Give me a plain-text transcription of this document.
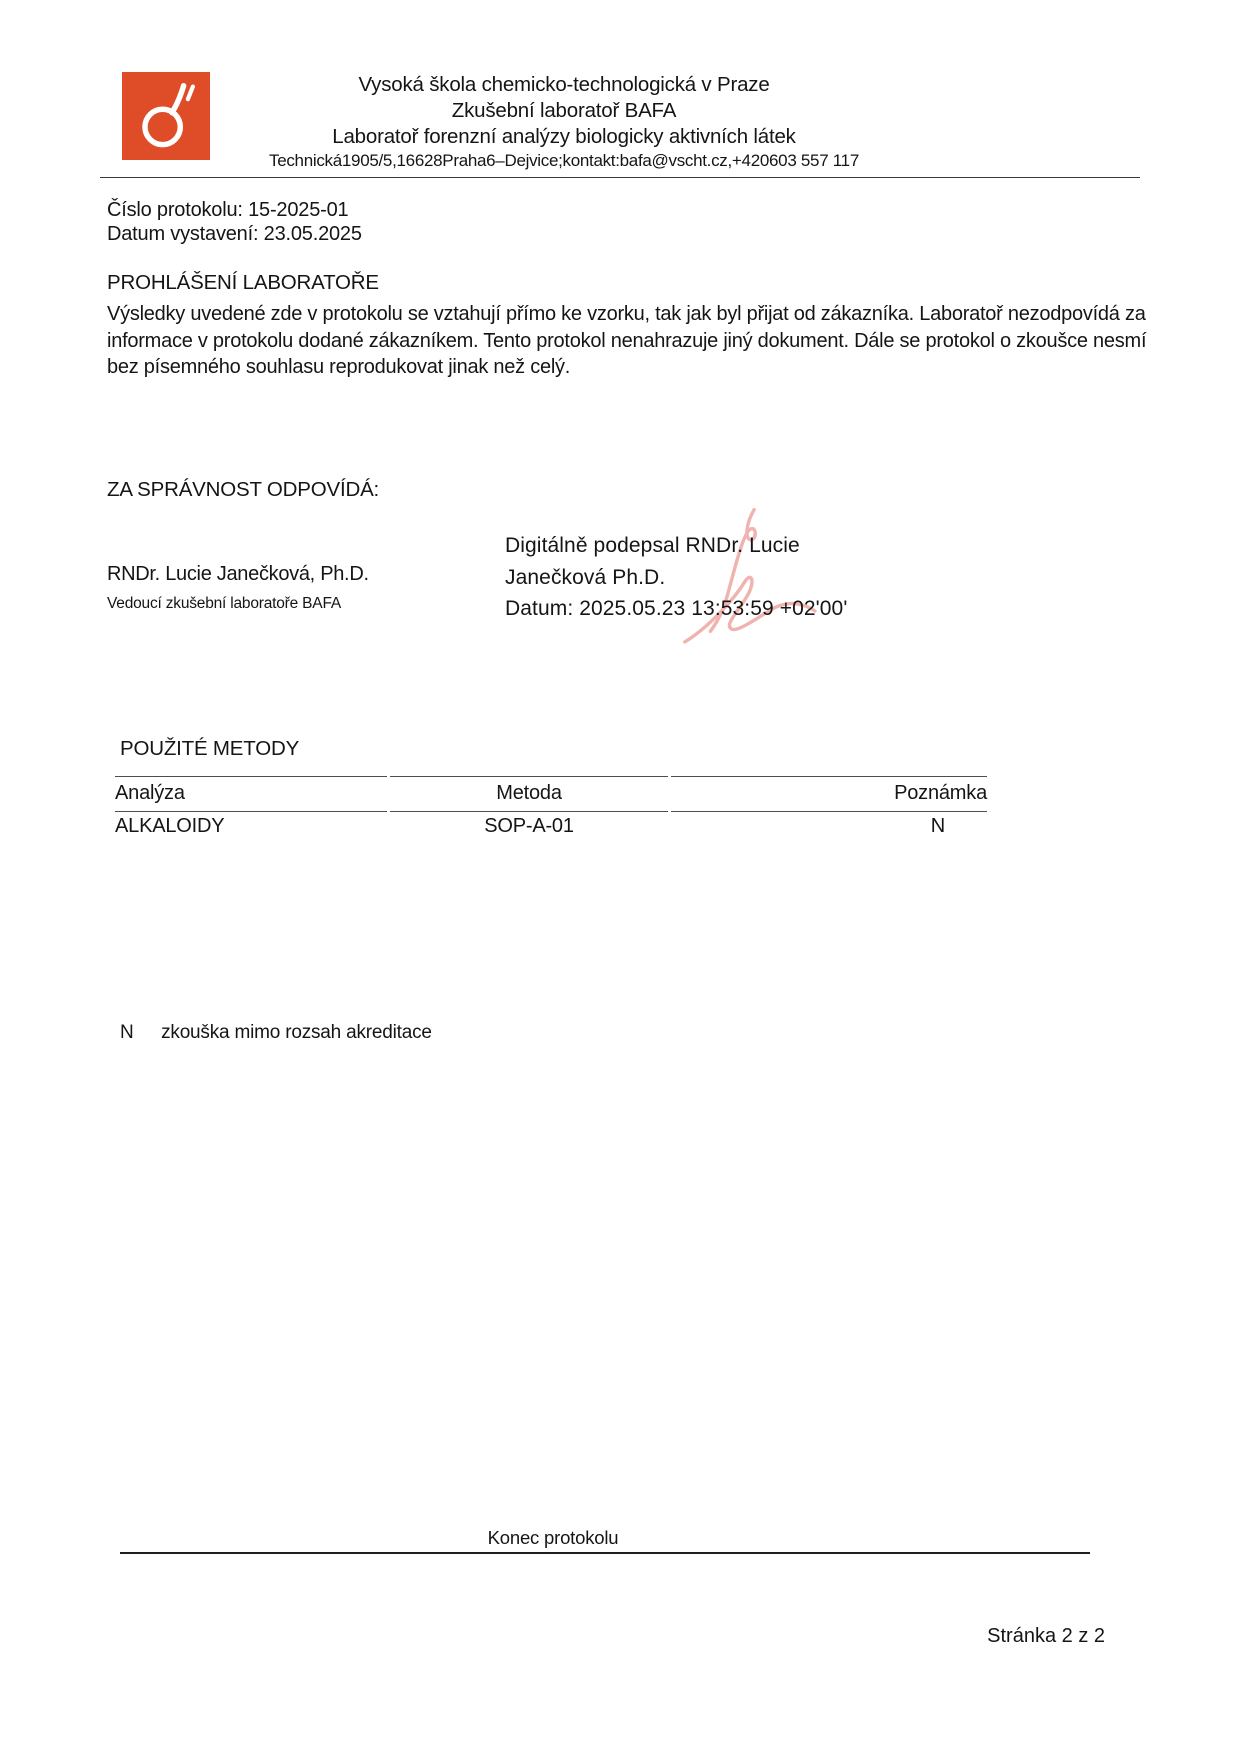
Vysoká škola chemicko-technologická v Praze
Zkušební laboratoř BAFA
Laboratoř forenzní analýzy biologicky aktivních látek
Technická1905/5,16628Praha6–Dejvice;kontakt:bafa@vscht.cz,+420603 557 117
Číslo protokolu: 15-2025-01
Datum vystavení: 23.05.2025
PROHLÁŠENÍ LABORATOŘE
Výsledky uvedené zde v protokolu se vztahují přímo ke vzorku, tak jak byl přijat od zákazníka. Laboratoř nezodpovídá za informace v protokolu dodané zákazníkem. Tento protokol nenahrazuje jiný dokument. Dále se protokol o zkoušce nesmí bez písemného souhlasu reprodukovat jinak než celý.
ZA SPRÁVNOST ODPOVÍDÁ:
Digitálně podepsal RNDr. Lucie
Janečková Ph.D.
Datum: 2025.05.23 13:53:59 +02'00'
RNDr. Lucie Janečková, Ph.D.
Vedoucí zkušební laboratoře BAFA
POUŽITÉ METODY
Analýza	Metoda	Poznámka
ALKALOIDY	SOP-A-01	N
N zkouška mimo rozsah akreditace
Konec protokolu
Stránka 2 z 2
